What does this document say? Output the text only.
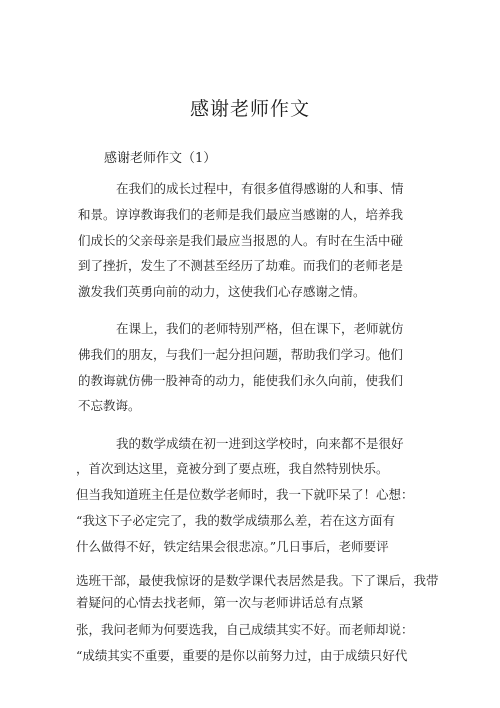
感谢老师作文
感谢老师作文（1）
在我们的成长过程中，有很多值得感谢的人和事、情
和景。谆谆教诲我们的老师是我们最应当感谢的人，培养我
们成长的父亲母亲是我们最应当报恩的人。有时在生活中碰
到了挫折，发生了不测甚至经历了劫难。而我们的老师老是
激发我们英勇向前的动力，这使我们心存感谢之情。
在课上，我们的老师特别严格，但在课下，老师就仿
佛我们的朋友，与我们一起分担问题，帮助我们学习。他们
的教诲就仿佛一股神奇的动力，能使我们永久向前，使我们
不忘教诲。
我的数学成绩在初一进到这学校时，向来都不是很好
，首次到达这里，竟被分到了要点班，我自然特别快乐。
但当我知道班主任是位数学老师时，我一下就吓呆了！心想：
“我这下子必定完了，我的数学成绩那么差，若在这方面有
什么做得不好，铁定结果会很悲凉。”几日事后，老师要评
选班干部，最使我惊讶的是数学课代表居然是我。下了课后，我带
着疑问的心情去找老师，第一次与老师讲话总有点紧
张，我问老师为何要选我，自己成绩其实不好。而老师却说：
“成绩其实不重要，重要的是你以前努力过，由于成绩只好代
